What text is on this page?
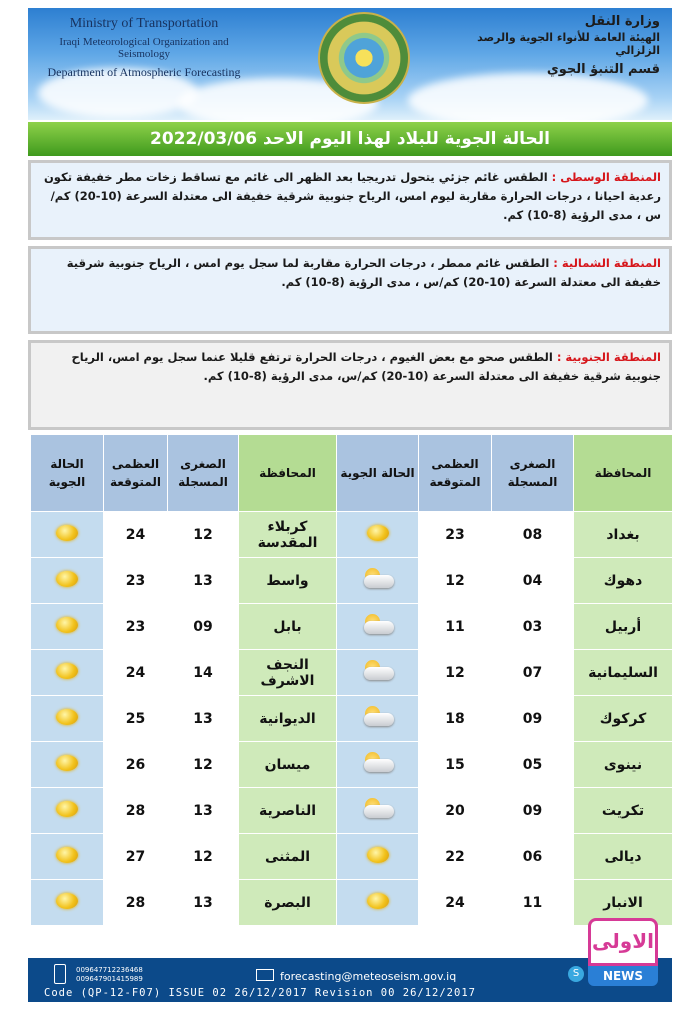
Ministry of Transportation
Iraqi Meteorological Organization and Seismology
Department of Atmospheric Forecasting
وزارة النقل
الهيئة العامة للأنواء الجوية والرصد الزلزالي
قسم التنبؤ الجوي
الحالة الجوية للبلاد لهذا اليوم الاحد 2022/03/06
المنطقة الوسطى : الطقس غائم جزئي يتحول تدريجيا بعد الظهر الى غائم مع تساقط زخات مطر خفيفة تكون رعدية احيانا ، درجات الحرارة مقاربة ليوم امس، الرياح جنوبية شرقية خفيفة الى معتدلة السرعة (10-20) كم/س ، مدى الرؤية (8-10) كم.
المنطقة الشمالية : الطقس غائم ممطر ، درجات الحرارة مقاربة لما سجل يوم امس ، الرياح جنوبية شرقية خفيفة الى معتدلة السرعة (10-20) كم/س ، مدى الرؤية (8-10) كم.
المنطقة الجنوبية : الطقس صحو مع بعض الغيوم ، درجات الحرارة ترتفع قليلا عنما سجل يوم امس، الرياح جنوبية شرقية خفيفة الى معتدلة السرعة (10-20) كم/س، مدى الرؤية (8-10) كم.
الحالة الجوية	العظمى المتوقعة	الصغرى المسجلة	المحافظة	الحالة الجوية	العظمى المتوقعة	الصغرى المسجلة	المحافظة
	24	12	كربلاء المقدسة		23	08	بغداد
	23	13	واسط		12	04	دهوك
	23	09	بابل		11	03	أربيل
	24	14	النجف الاشرف		12	07	السليمانية
	25	13	الديوانية		18	09	كركوك
	26	12	ميسان		15	05	نينوى
	28	13	الناصرية		20	09	تكريت
	27	12	المثنى		22	06	ديالى
	28	13	البصرة		24	11	الانبار
009647712236468
009647901415989	forecasting@meteoseism.gov.iq	S
Code (QP-12-F07) ISSUE 02 26/12/2017 Revision 00 26/12/2017
الاولى
NEWS
